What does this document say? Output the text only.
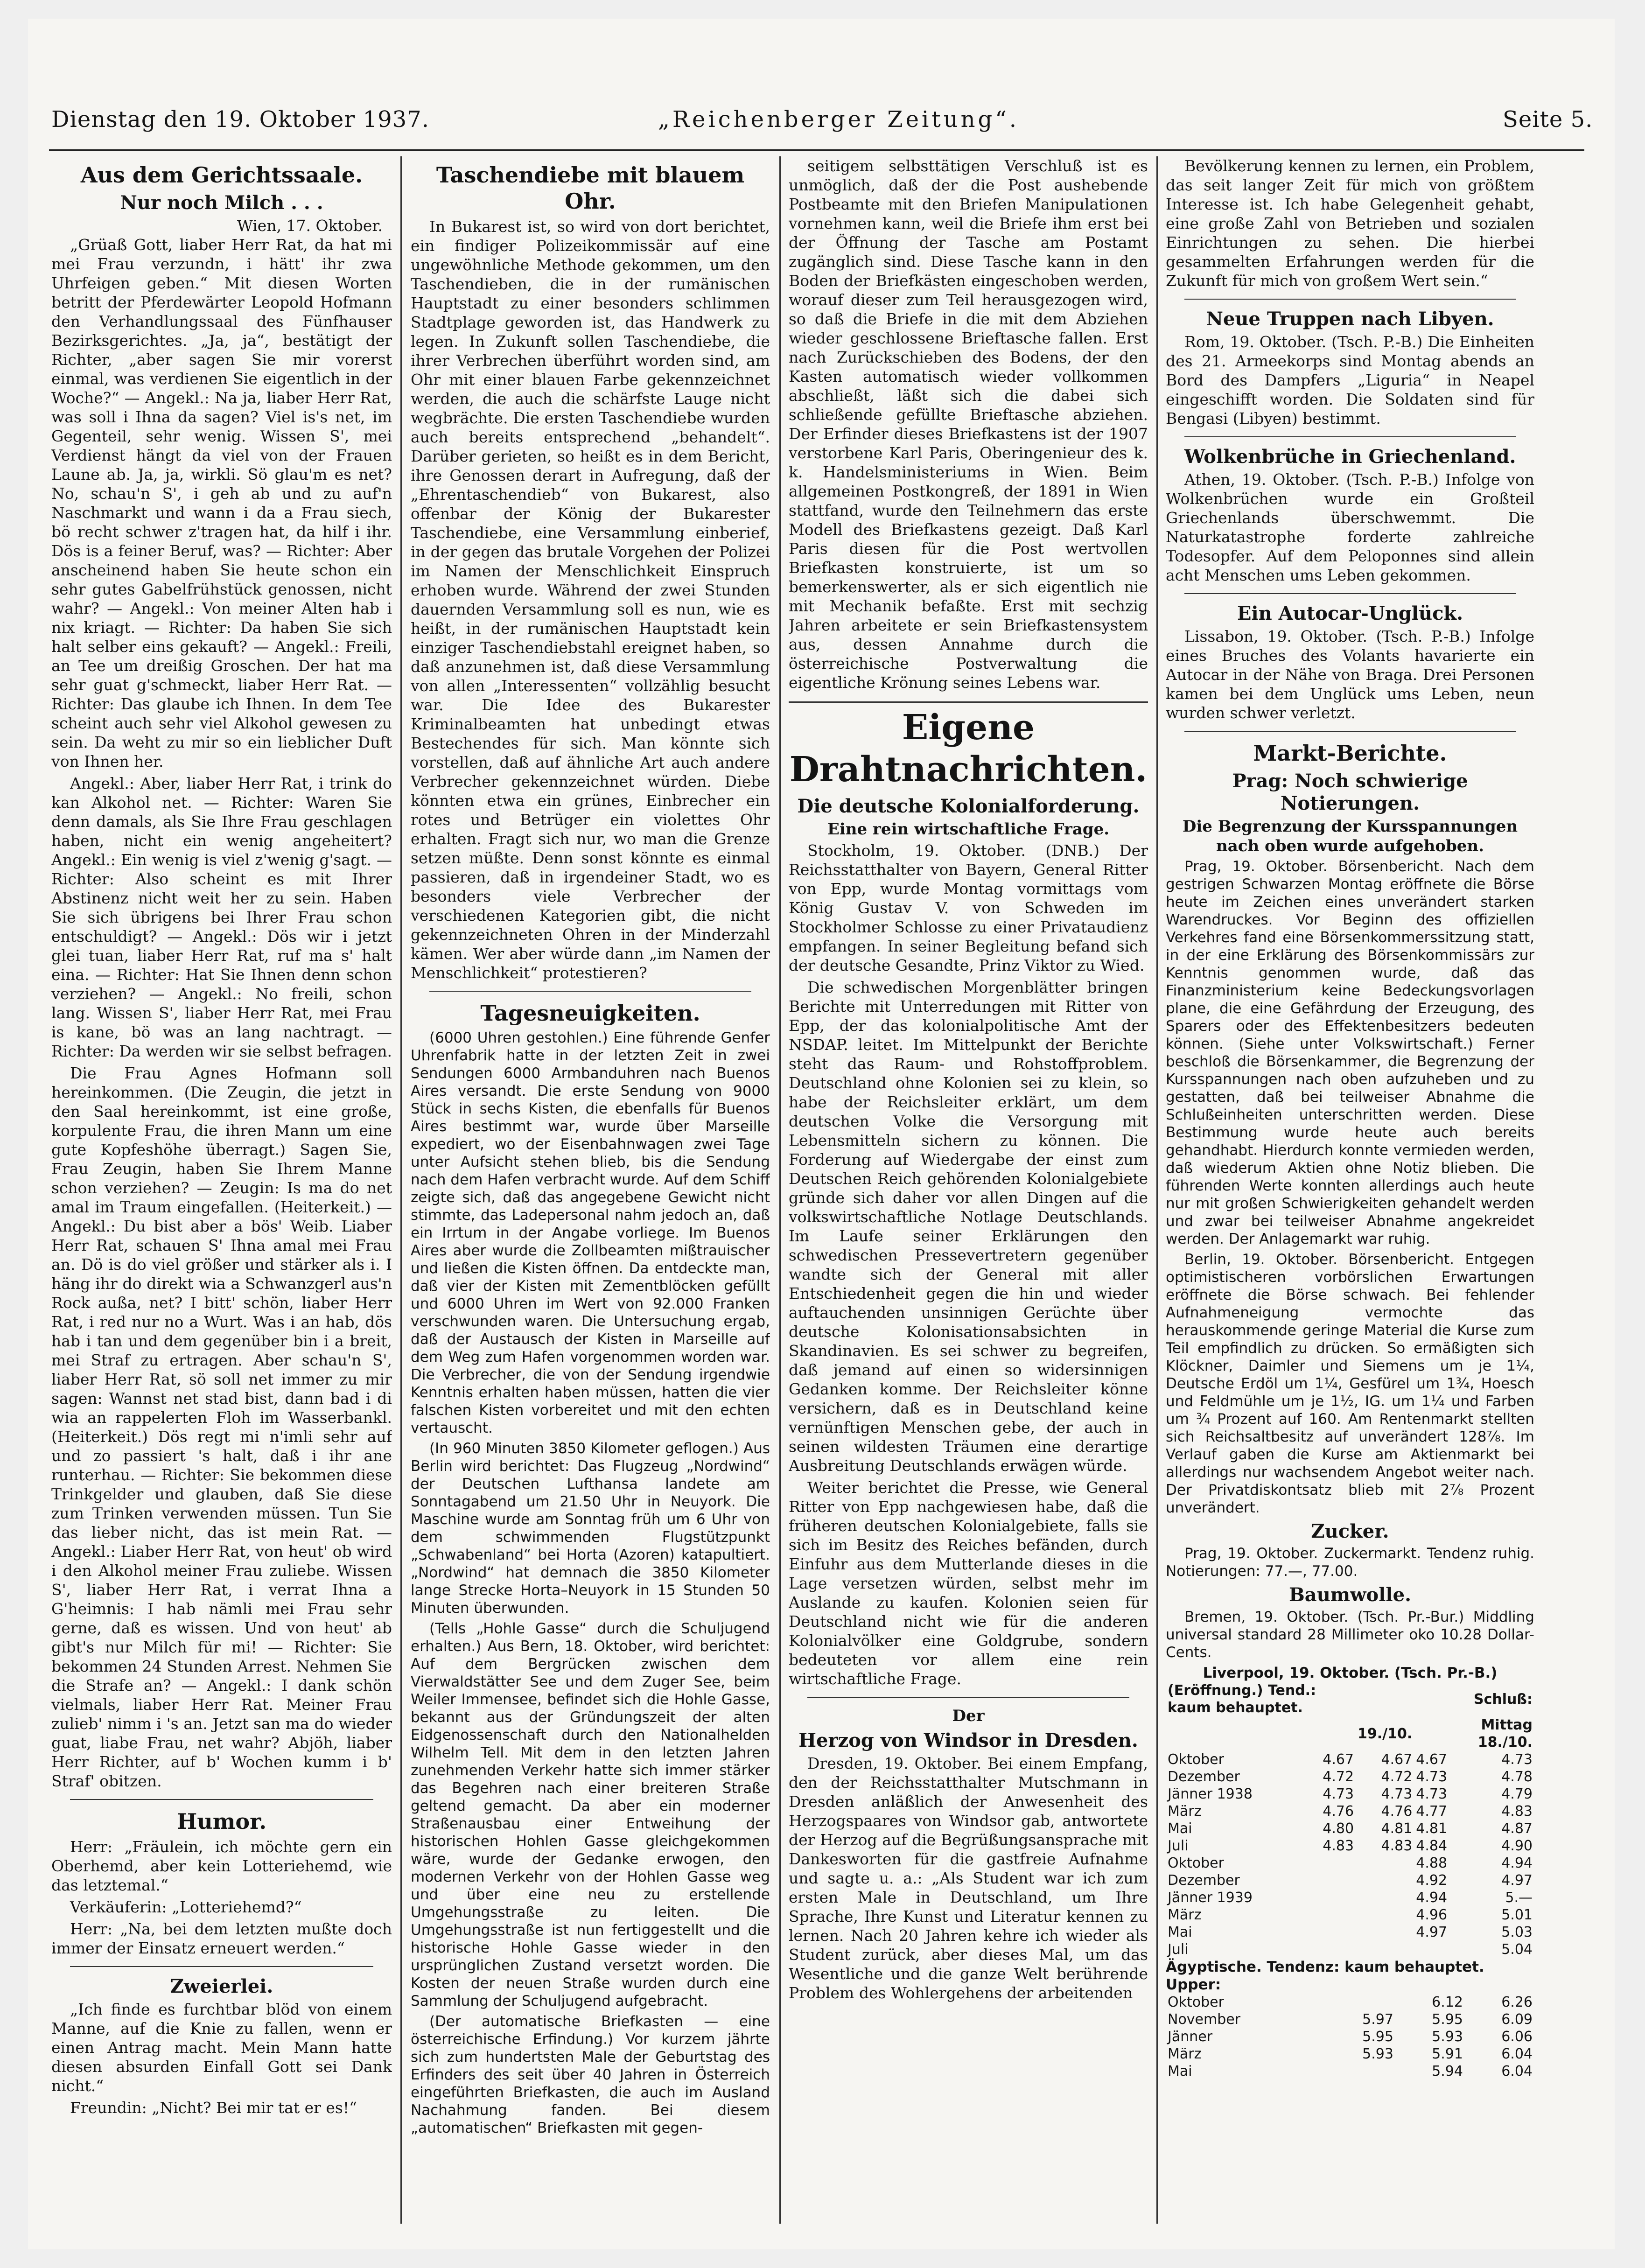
Dienstag den 19. Oktober 1937.	„Reichenberger Zeitung“.	Seite 5.
Aus dem Gerichtssaale.
Nur noch Milch . . .
Wien, 17. Oktober.

„Grüaß Gott, liaber Herr Rat, da hat mi mei Frau verzundn, i hätt' ihr zwa Uhrfeigen geben.“ Mit diesen Worten betritt der Pferdewärter Leopold Hofmann den Verhandlungssaal des Fünfhauser Bezirksgerichtes. „Ja, ja“, bestätigt der Richter, „aber sagen Sie mir vorerst einmal, was verdienen Sie eigentlich in der Woche?“ — Angekl.: Na ja, liaber Herr Rat, was soll i Ihna da sagen? Viel is's net, im Gegenteil, sehr wenig. Wissen S', mei Verdienst hängt da viel von der Frauen Laune ab. Ja, ja, wirkli. Sö glau'm es net? No, schau'n S', i geh ab und zu auf'n Naschmarkt und wann i da a Frau siech, bö recht schwer z'tragen hat, da hilf i ihr. Dös is a feiner Beruf, was? — Richter: Aber anscheinend haben Sie heute schon ein sehr gutes Gabelfrühstück genossen, nicht wahr? — Angekl.: Von meiner Alten hab i nix kriagt. — Richter: Da haben Sie sich halt selber eins gekauft? — Angekl.: Freili, an Tee um dreißig Groschen. Der hat ma sehr guat g'schmeckt, liaber Herr Rat. — Richter: Das glaube ich Ihnen. In dem Tee scheint auch sehr viel Alkohol gewesen zu sein. Da weht zu mir so ein lieblicher Duft von Ihnen her.

Angekl.: Aber, liaber Herr Rat, i trink do kan Alkohol net. — Richter: Waren Sie denn damals, als Sie Ihre Frau geschlagen haben, nicht ein wenig angeheitert? Angekl.: Ein wenig is viel z'wenig g'sagt. — Richter: Also scheint es mit Ihrer Abstinenz nicht weit her zu sein. Haben Sie sich übrigens bei Ihrer Frau schon entschuldigt? — Angekl.: Dös wir i jetzt glei tuan, liaber Herr Rat, ruf ma s' halt eina. — Richter: Hat Sie Ihnen denn schon verziehen? — Angekl.: No freili, schon lang. Wissen S', liaber Herr Rat, mei Frau is kane, bö was an lang nachtragt. — Richter: Da werden wir sie selbst befragen.

Die Frau Agnes Hofmann soll hereinkommen. (Die Zeugin, die jetzt in den Saal hereinkommt, ist eine große, korpulente Frau, die ihren Mann um eine gute Kopfeshöhe überragt.) Sagen Sie, Frau Zeugin, haben Sie Ihrem Manne schon verziehen? — Zeugin: Is ma do net amal im Traum eingefallen. (Heiterkeit.) — Angekl.: Du bist aber a bös' Weib. Liaber Herr Rat, schauen S' Ihna amal mei Frau an. Dö is do viel größer und stärker als i. I häng ihr do direkt wia a Schwanzgerl aus'n Rock außa, net? I bitt' schön, liaber Herr Rat, i red nur no a Wurt. Was i an hab, dös hab i tan und dem gegenüber bin i a breit, mei Straf zu ertragen. Aber schau'n S', liaber Herr Rat, sö soll net immer zu mir sagen: Wannst net stad bist, dann bad i di wia an rappelerten Floh im Wasserbankl. (Heiterkeit.) Dös regt mi n'imli sehr auf und zo passiert 's halt, daß i ihr ane runterhau. — Richter: Sie bekommen diese Trinkgelder und glauben, daß Sie diese zum Trinken verwenden müssen. Tun Sie das lieber nicht, das ist mein Rat. — Angekl.: Liaber Herr Rat, von heut' ob wird i den Alkohol meiner Frau zuliebe. Wissen S', liaber Herr Rat, i verrat Ihna a G'heimnis: I hab nämli mei Frau sehr gerne, daß es wissen. Und von heut' ab gibt's nur Milch für mi! — Richter: Sie bekommen 24 Stunden Arrest. Nehmen Sie die Strafe an? — Angekl.: I dank schön vielmals, liaber Herr Rat. Meiner Frau zulieb' nimm i 's an. Jetzt san ma do wieder guat, liabe Frau, net wahr? Abjöh, liaber Herr Richter, auf b' Wochen kumm i b' Straf' obitzen.

Humor.

Herr: „Fräulein, ich möchte gern ein Oberhemd, aber kein Lotteriehemd, wie das letztemal.“

Verkäuferin: „Lotteriehemd?“

Herr: „Na, bei dem letzten mußte doch immer der Einsatz erneuert werden.“

Zweierlei.

„Ich finde es furchtbar blöd von einem Manne, auf die Knie zu fallen, wenn er einen Antrag macht. Mein Mann hatte diesen absurden Einfall Gott sei Dank nicht.“

Freundin: „Nicht? Bei mir tat er es!“

Taschendiebe mit blauem Ohr.

In Bukarest ist, so wird von dort berichtet, ein findiger Polizeikommissär auf eine ungewöhnliche Methode gekommen, um den Taschendieben, die in der rumänischen Hauptstadt zu einer besonders schlimmen Stadtplage geworden ist, das Handwerk zu legen. In Zukunft sollen Taschendiebe, die ihrer Verbrechen überführt worden sind, am Ohr mit einer blauen Farbe gekennzeichnet werden, die auch die schärfste Lauge nicht wegbrächte. Die ersten Taschendiebe wurden auch bereits entsprechend „behandelt“. Darüber gerieten, so heißt es in dem Bericht, ihre Genossen derart in Aufregung, daß der „Ehrentaschendieb“ von Bukarest, also offenbar der König der Bukarester Taschendiebe, eine Versammlung einberief, in der gegen das brutale Vorgehen der Polizei im Namen der Menschlichkeit Einspruch erhoben wurde. Während der zwei Stunden dauernden Versammlung soll es nun, wie es heißt, in der rumänischen Hauptstadt kein einziger Taschendiebstahl ereignet haben, so daß anzunehmen ist, daß diese Versammlung von allen „Interessenten“ vollzählig besucht war. Die Idee des Bukarester Kriminalbeamten hat unbedingt etwas Bestechendes für sich. Man könnte sich vorstellen, daß auf ähnliche Art auch andere Verbrecher gekennzeichnet würden. Diebe könnten etwa ein grünes, Einbrecher ein rotes und Betrüger ein violettes Ohr erhalten. Fragt sich nur, wo man die Grenze setzen müßte. Denn sonst könnte es einmal passieren, daß in irgendeiner Stadt, wo es besonders viele Verbrecher der verschiedenen Kategorien gibt, die nicht gekennzeichneten Ohren in der Minderzahl kämen. Wer aber würde dann „im Namen der Menschlichkeit“ protestieren?

Tagesneuigkeiten.

(6000 Uhren gestohlen.) Eine führende Genfer Uhrenfabrik hatte in der letzten Zeit in zwei Sendungen 6000 Armbanduhren nach Buenos Aires versandt. Die erste Sendung von 9000 Stück in sechs Kisten, die ebenfalls für Buenos Aires bestimmt war, wurde über Marseille expediert, wo der Eisenbahnwagen zwei Tage unter Aufsicht stehen blieb, bis die Sendung nach dem Hafen verbracht wurde. Auf dem Schiff zeigte sich, daß das angegebene Gewicht nicht stimmte, das Ladepersonal nahm jedoch an, daß ein Irrtum in der Angabe vorliege. Im Buenos Aires aber wurde die Zollbeamten mißtrauischer und ließen die Kisten öffnen. Da entdeckte man, daß vier der Kisten mit Zementblöcken gefüllt und 6000 Uhren im Wert von 92.000 Franken verschwunden waren. Die Untersuchung ergab, daß der Austausch der Kisten in Marseille auf dem Weg zum Hafen vorgenommen worden war. Die Verbrecher, die von der Sendung irgendwie Kenntnis erhalten haben müssen, hatten die vier falschen Kisten vorbereitet und mit den echten vertauscht.

(In 960 Minuten 3850 Kilometer geflogen.) Aus Berlin wird berichtet: Das Flugzeug „Nordwind“ der Deutschen Lufthansa landete am Sonntagabend um 21.50 Uhr in Neuyork. Die Maschine wurde am Sonntag früh um 6 Uhr von dem schwimmenden Flugstützpunkt „Schwabenland“ bei Horta (Azoren) katapultiert. „Nordwind“ hat demnach die 3850 Kilometer lange Strecke Horta–Neuyork in 15 Stunden 50 Minuten überwunden.

(Tells „Hohle Gasse“ durch die Schuljugend erhalten.) Aus Bern, 18. Oktober, wird berichtet: Auf dem Bergrücken zwischen dem Vierwaldstätter See und dem Zuger See, beim Weiler Immensee, befindet sich die Hohle Gasse, bekannt aus der Gründungszeit der alten Eidgenossenschaft durch den Nationalhelden Wilhelm Tell. Mit dem in den letzten Jahren zunehmenden Verkehr hatte sich immer stärker das Begehren nach einer breiteren Straße geltend gemacht. Da aber ein moderner Straßenausbau einer Entweihung der historischen Hohlen Gasse gleichgekommen wäre, wurde der Gedanke erwogen, den modernen Verkehr von der Hohlen Gasse weg und über eine neu zu erstellende Umgehungsstraße zu leiten. Die Umgehungsstraße ist nun fertiggestellt und die historische Hohle Gasse wieder in den ursprünglichen Zustand versetzt worden. Die Kosten der neuen Straße wurden durch eine Sammlung der Schuljugend aufgebracht.

(Der automatische Briefkasten — eine österreichische Erfindung.) Vor kurzem jährte sich zum hundertsten Male der Geburtstag des Erfinders des seit über 40 Jahren in Österreich eingeführten Briefkasten, die auch im Ausland Nachahmung fanden. Bei diesem „automatischen“ Briefkasten mit gegen-

seitigem selbsttätigen Verschluß ist es unmöglich, daß der die Post aushebende Postbeamte mit den Briefen Manipulationen vornehmen kann, weil die Briefe ihm erst bei der Öffnung der Tasche am Postamt zugänglich sind. Diese Tasche kann in den Boden der Briefkästen eingeschoben werden, worauf dieser zum Teil herausgezogen wird, so daß die Briefe in die mit dem Abziehen wieder geschlossene Brieftasche fallen. Erst nach Zurückschieben des Bodens, der den Kasten automatisch wieder vollkommen abschließt, läßt sich die dabei sich schließende gefüllte Brieftasche abziehen. Der Erfinder dieses Briefkastens ist der 1907 verstorbene Karl Paris, Oberingenieur des k. k. Handelsministeriums in Wien. Beim allgemeinen Postkongreß, der 1891 in Wien stattfand, wurde den Teilnehmern das erste Modell des Briefkastens gezeigt. Daß Karl Paris diesen für die Post wertvollen Briefkasten konstruierte, ist um so bemerkenswerter, als er sich eigentlich nie mit Mechanik befaßte. Erst mit sechzig Jahren arbeitete er sein Briefkastensystem aus, dessen Annahme durch die österreichische Postverwaltung die eigentliche Krönung seines Lebens war.

Eigene Drahtnachrichten.
Die deutsche Kolonialforderung.
Eine rein wirtschaftliche Frage.

Stockholm, 19. Oktober. (DNB.) Der Reichsstatthalter von Bayern, General Ritter von Epp, wurde Montag vormittags vom König Gustav V. von Schweden im Stockholmer Schlosse zu einer Privataudienz empfangen. In seiner Begleitung befand sich der deutsche Gesandte, Prinz Viktor zu Wied.

Die schwedischen Morgenblätter bringen Berichte mit Unterredungen mit Ritter von Epp, der das kolonialpolitische Amt der NSDAP. leitet. Im Mittelpunkt der Berichte steht das Raum- und Rohstoffproblem. Deutschland ohne Kolonien sei zu klein, so habe der Reichsleiter erklärt, um dem deutschen Volke die Versorgung mit Lebensmitteln sichern zu können. Die Forderung auf Wiedergabe der einst zum Deutschen Reich gehörenden Kolonialgebiete gründe sich daher vor allen Dingen auf die volkswirtschaftliche Notlage Deutschlands. Im Laufe seiner Erklärungen den schwedischen Pressevertretern gegenüber wandte sich der General mit aller Entschiedenheit gegen die hin und wieder auftauchenden unsinnigen Gerüchte über deutsche Kolonisationsabsichten in Skandinavien. Es sei schwer zu begreifen, daß jemand auf einen so widersinnigen Gedanken komme. Der Reichsleiter könne versichern, daß es in Deutschland keine vernünftigen Menschen gebe, der auch in seinen wildesten Träumen eine derartige Ausbreitung Deutschlands erwägen würde.

Weiter berichtet die Presse, wie General Ritter von Epp nachgewiesen habe, daß die früheren deutschen Kolonialgebiete, falls sie sich im Besitz des Reiches befänden, durch Einfuhr aus dem Mutterlande dieses in die Lage versetzen würden, selbst mehr im Auslande zu kaufen. Kolonien seien für Deutschland nicht wie für die anderen Kolonialvölker eine Goldgrube, sondern bedeuteten vor allem eine rein wirtschaftliche Frage.

Der
Herzog von Windsor in Dresden.

Dresden, 19. Oktober. Bei einem Empfang, den der Reichsstatthalter Mutschmann in Dresden anläßlich der Anwesenheit des Herzogspaares von Windsor gab, antwortete der Herzog auf die Begrüßungsansprache mit Dankesworten für die gastfreie Aufnahme und sagte u. a.: „Als Student war ich zum ersten Male in Deutschland, um Ihre Sprache, Ihre Kunst und Literatur kennen zu lernen. Nach 20 Jahren kehre ich wieder als Student zurück, aber dieses Mal, um das Wesentliche und die ganze Welt berührende Problem des Wohlergehens der arbeitenden

Bevölkerung kennen zu lernen, ein Problem, das seit langer Zeit für mich von größtem Interesse ist. Ich habe Gelegenheit gehabt, eine große Zahl von Betrieben und sozialen Einrichtungen zu sehen. Die hierbei gesammelten Erfahrungen werden für die Zukunft für mich von großem Wert sein.“

Neue Truppen nach Libyen.

Rom, 19. Oktober. (Tsch. P.-B.) Die Einheiten des 21. Armeekorps sind Montag abends an Bord des Dampfers „Liguria“ in Neapel eingeschifft worden. Die Soldaten sind für Bengasi (Libyen) bestimmt.

Wolkenbrüche in Griechenland.

Athen, 19. Oktober. (Tsch. P.-B.) Infolge von Wolkenbrüchen wurde ein Großteil Griechenlands überschwemmt. Die Naturkatastrophe forderte zahlreiche Todesopfer. Auf dem Peloponnes sind allein acht Menschen ums Leben gekommen.

Ein Autocar-Unglück.

Lissabon, 19. Oktober. (Tsch. P.-B.) Infolge eines Bruches des Volants havarierte ein Autocar in der Nähe von Braga. Drei Personen kamen bei dem Unglück ums Leben, neun wurden schwer verletzt.

Markt-Berichte.
Prag: Noch schwierige Notierungen.
Die Begrenzung der Kursspannungen nach oben wurde aufgehoben.

Prag, 19. Oktober. Börsenbericht. Nach dem gestrigen Schwarzen Montag eröffnete die Börse heute im Zeichen eines unverändert starken Warendruckes. Vor Beginn des offiziellen Verkehres fand eine Börsenkommerssitzung statt, in der eine Erklärung des Börsenkommissärs zur Kenntnis genommen wurde, daß das Finanzministerium keine Bedeckungsvorlagen plane, die eine Gefährdung der Erzeugung, des Sparers oder des Effektenbesitzers bedeuten können. (Siehe unter Volkswirtschaft.) Ferner beschloß die Börsenkammer, die Begrenzung der Kursspannungen nach oben aufzuheben und zu gestatten, daß bei teilweiser Abnahme die Schlußeinheiten unterschritten werden. Diese Bestimmung wurde heute auch bereits gehandhabt. Hierdurch konnte vermieden werden, daß wiederum Aktien ohne Notiz blieben. Die führenden Werte konnten allerdings auch heute nur mit großen Schwierigkeiten gehandelt werden und zwar bei teilweiser Abnahme angekreidet werden. Der Anlagemarkt war ruhig.

Berlin, 19. Oktober. Börsenbericht. Entgegen optimistischeren vorbörslichen Erwartungen eröffnete die Börse schwach. Bei fehlender Aufnahmeneigung vermochte das herauskommende geringe Material die Kurse zum Teil empfindlich zu drücken. So ermäßigten sich Klöckner, Daimler und Siemens um je 1¼, Deutsche Erdöl um 1¼, Gesfürel um 1¾, Hoesch und Feldmühle um je 1½, IG. um 1¼ und Farben um ¾ Prozent auf 160. Am Rentenmarkt stellten sich Reichsaltbesitz auf unverändert 128⅞. Im Verlauf gaben die Kurse am Aktienmarkt bei allerdings nur wachsendem Angebot weiter nach. Der Privatdiskontsatz blieb mit 2⅞ Prozent unverändert.

Zucker.

Prag, 19. Oktober. Zuckermarkt. Tendenz ruhig. Notierungen: 77.—, 77.00.

Baumwolle.

Bremen, 19. Oktober. (Tsch. Pr.-Bur.) Middling universal standard 28 Millimeter oko 10.28 Dollar-Cents.

Liverpool, 19. Oktober. (Tsch. Pr.-B.)
(Eröffnung.) Tend.: kaum behauptet.				Schluß:
		19./10.		Mittag 18./10.
Oktober	4.67	4.67	4.67	4.73
Dezember	4.72	4.72	4.73	4.78
Jänner 1938	4.73	4.73	4.73	4.79
März	4.76	4.76	4.77	4.83
Mai	4.80	4.81	4.81	4.87
Juli	4.83	4.83	4.84	4.90
Oktober			4.88	4.94
Dezember			4.92	4.97
Jänner 1939			4.94	5.—
März			4.96	5.01
Mai			4.97	5.03
Juli				5.04
Ägyptische. Tendenz: kaum behauptet.
Upper:
Oktober			6.12	6.26
November		5.97	5.95	6.09
Jänner		5.95	5.93	6.06
März		5.93	5.91	6.04
Mai			5.94	6.04
